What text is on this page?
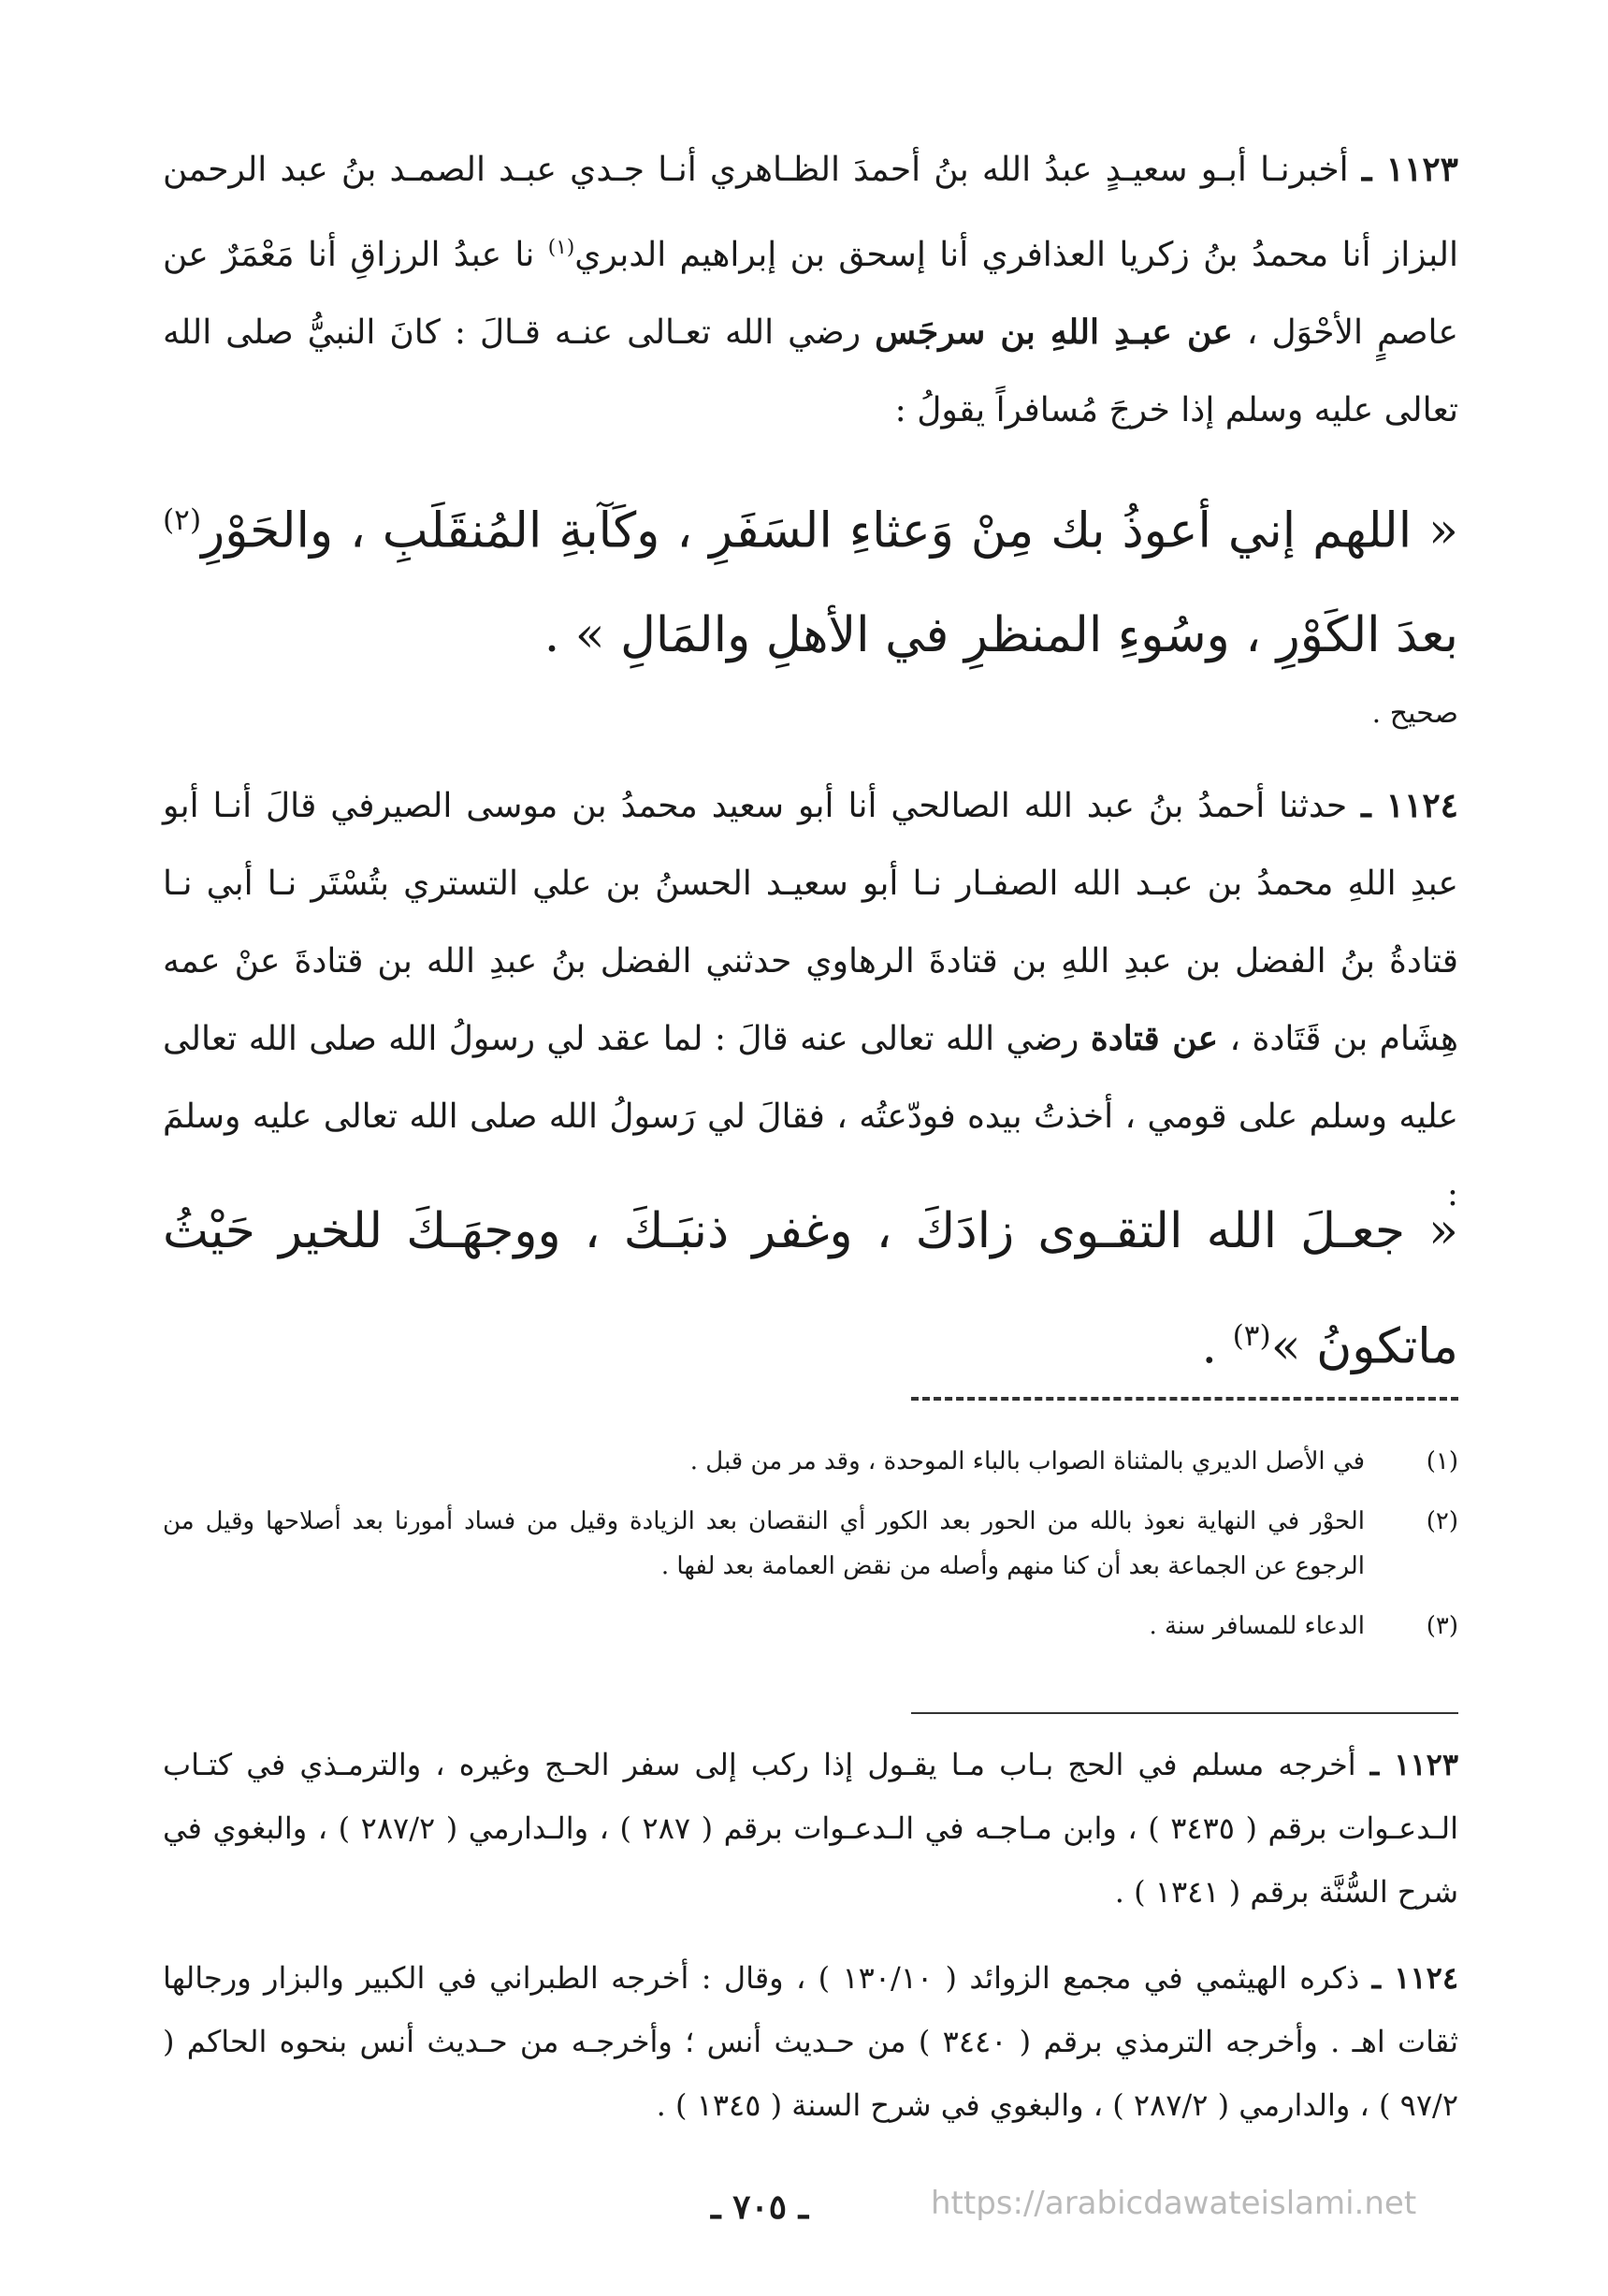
١١٢٣ ـ أخبرنـا أبـو سعيـدٍ عبدُ الله بنُ أحمدَ الظـاهري أنـا جـدي عبـد الصمـد بنُ عبد الرحمن البزاز أنا محمدُ بنُ زكريا العذافري أنا إسحق بن إبراهيم الدبري$^{(١)}$ نا عبدُ الرزاقِ أنا مَعْمَرٌ عن عاصمٍ الأحْوَل ، عن عبـدِ اللهِ بن سرجَس رضي الله تعـالى عنـه قـالَ : كانَ النبيُّ صلى الله تعالى عليه وسلم إذا خرجَ مُسافراً يقولُ :
« اللهم إني أعوذُ بك مِنْ وَعثاءِ السَفَرِ ، وكَآبةِ المُنقَلَبِ ، والحَوْرِ$^{(٢)}$ بعدَ الكَوْرِ ، وسُوءِ المنظرِ في الأهلِ والمَالِ » .
صحيح .
١١٢٤ ـ حدثنا أحمدُ بنُ عبد الله الصالحي أنا أبو سعيد محمدُ بن موسى الصيرفي قالَ أنـا أبو عبدِ اللهِ محمدُ بن عبـد الله الصفـار نـا أبو سعيـد الحسنُ بن علي التستري بتُسْتَر نـا أبي نـا قتادةُ بنُ الفضل بن عبدِ اللهِ بن قتادةَ الرهاوي حدثني الفضل بنُ عبدِ الله بن قتادةَ عنْ عمه هِشَام بن قَتَادة ، عن قتادة رضي الله تعالى عنه قالَ : لما عقد لي رسولُ الله صلى الله تعالى عليه وسلم على قومي ، أخذتُ بيده فودّعتُه ، فقالَ لي رَسولُ الله صلى الله تعالى عليه وسلمَ :
« جعـلَ الله التقـوى زادَكَ ، وغفر ذنبَـكَ ، ووجهَـكَ للخير حَيْثُ ماتكونُ »$^{(٣)}$ .
(١)
في الأصل الديري بالمثناة الصواب بالباء الموحدة ، وقد مر من قبل .
(٢)
الحوْر في النهاية نعوذ بالله من الحور بعد الكور أي النقصان بعد الزيادة وقيل من فساد أمورنا بعد أصلاحها وقيل من الرجوع عن الجماعة بعد أن كنا منهم وأصله من نقض العمامة بعد لفها .
(٣)
الدعاء للمسافر سنة .
١١٢٣ ـ أخرجه مسلم في الحج بـاب مـا يقـول إذا ركب إلى سفر الحـج وغيره ، والترمـذي في كتـاب الـدعـوات برقم ( ٣٤٣٥ ) ، وابن مـاجـه في الـدعـوات برقم ( ٢٨٧ ) ، والـدارمي ( ٢٨٧/٢ ) ، والبغوي في شرح السُّنَّة برقم ( ١٣٤١ ) .
١١٢٤ ـ ذكره الهيثمي في مجمع الزوائد ( ١٣٠/١٠ ) ، وقال : أخرجه الطبراني في الكبير والبزار ورجالها ثقات اهـ . وأخرجه الترمذي برقم ( ٣٤٤٠ ) من حـديث أنس ؛ وأخرجـه من حـديث أنس بنحوه الحاكم ( ٩٧/٢ ) ، والدارمي ( ٢٨٧/٢ ) ، والبغوي في شرح السنة ( ١٣٤٥ ) .
ـ ٧٠٥ ـ	https://arabicdawateislami.net
